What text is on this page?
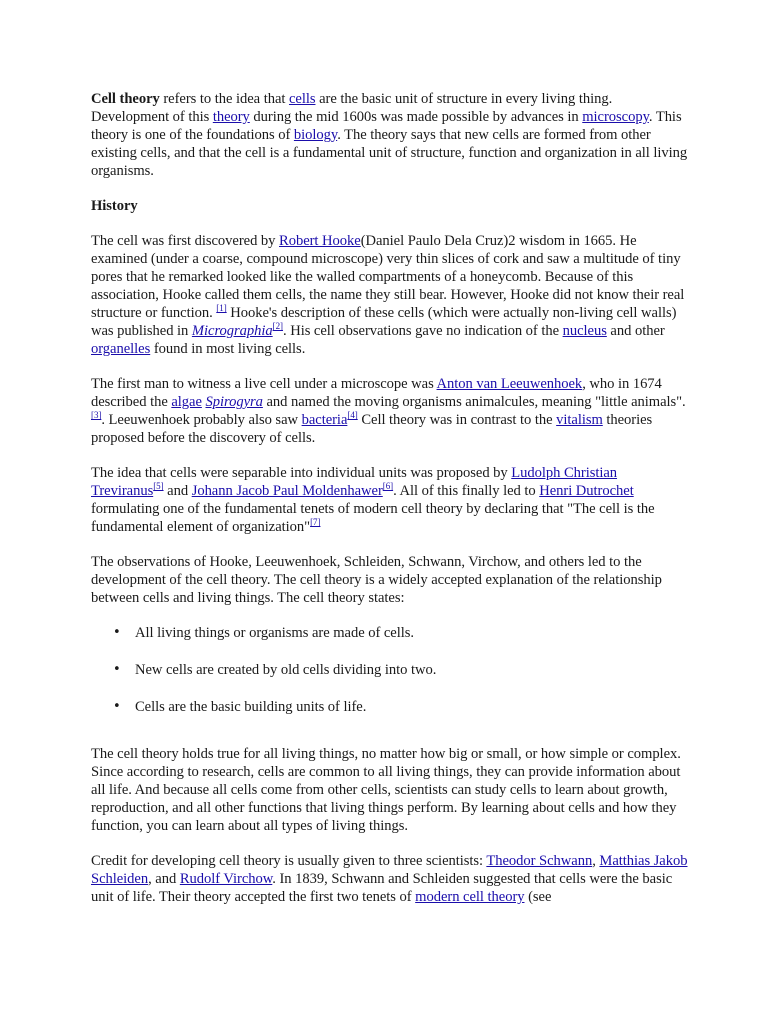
Cell theory refers to the idea that cells are the basic unit of structure in every living thing. Development of this theory during the mid 1600s was made possible by advances in microscopy. This theory is one of the foundations of biology. The theory says that new cells are formed from other existing cells, and that the cell is a fundamental unit of structure, function and organization in all living organisms.

History

The cell was first discovered by Robert Hooke(Daniel Paulo Dela Cruz)2 wisdom in 1665. He examined (under a coarse, compound microscope) very thin slices of cork and saw a multitude of tiny pores that he remarked looked like the walled compartments of a honeycomb. Because of this association, Hooke called them cells, the name they still bear. However, Hooke did not know their real structure or function. [1] Hooke's description of these cells (which were actually non-living cell walls) was published in Micrographia[2]. His cell observations gave no indication of the nucleus and other organelles found in most living cells.

The first man to witness a live cell under a microscope was Anton van Leeuwenhoek, who in 1674 described the algae Spirogyra and named the moving organisms animalcules, meaning "little animals".[3]. Leeuwenhoek probably also saw bacteria[4] Cell theory was in contrast to the vitalism theories proposed before the discovery of cells.

The idea that cells were separable into individual units was proposed by Ludolph Christian Treviranus[5] and Johann Jacob Paul Moldenhawer[6]. All of this finally led to Henri Dutrochet formulating one of the fundamental tenets of modern cell theory by declaring that "The cell is the fundamental element of organization"[7]

The observations of Hooke, Leeuwenhoek, Schleiden, Schwann, Virchow, and others led to the development of the cell theory. The cell theory is a widely accepted explanation of the relationship between cells and living things. The cell theory states:

• All living things or organisms are made of cells.
• New cells are created by old cells dividing into two.
• Cells are the basic building units of life.

The cell theory holds true for all living things, no matter how big or small, or how simple or complex. Since according to research, cells are common to all living things, they can provide information about all life. And because all cells come from other cells, scientists can study cells to learn about growth, reproduction, and all other functions that living things perform. By learning about cells and how they function, you can learn about all types of living things.

Credit for developing cell theory is usually given to three scientists: Theodor Schwann, Matthias Jakob Schleiden, and Rudolf Virchow. In 1839, Schwann and Schleiden suggested that cells were the basic unit of life. Their theory accepted the first two tenets of modern cell theory (see
